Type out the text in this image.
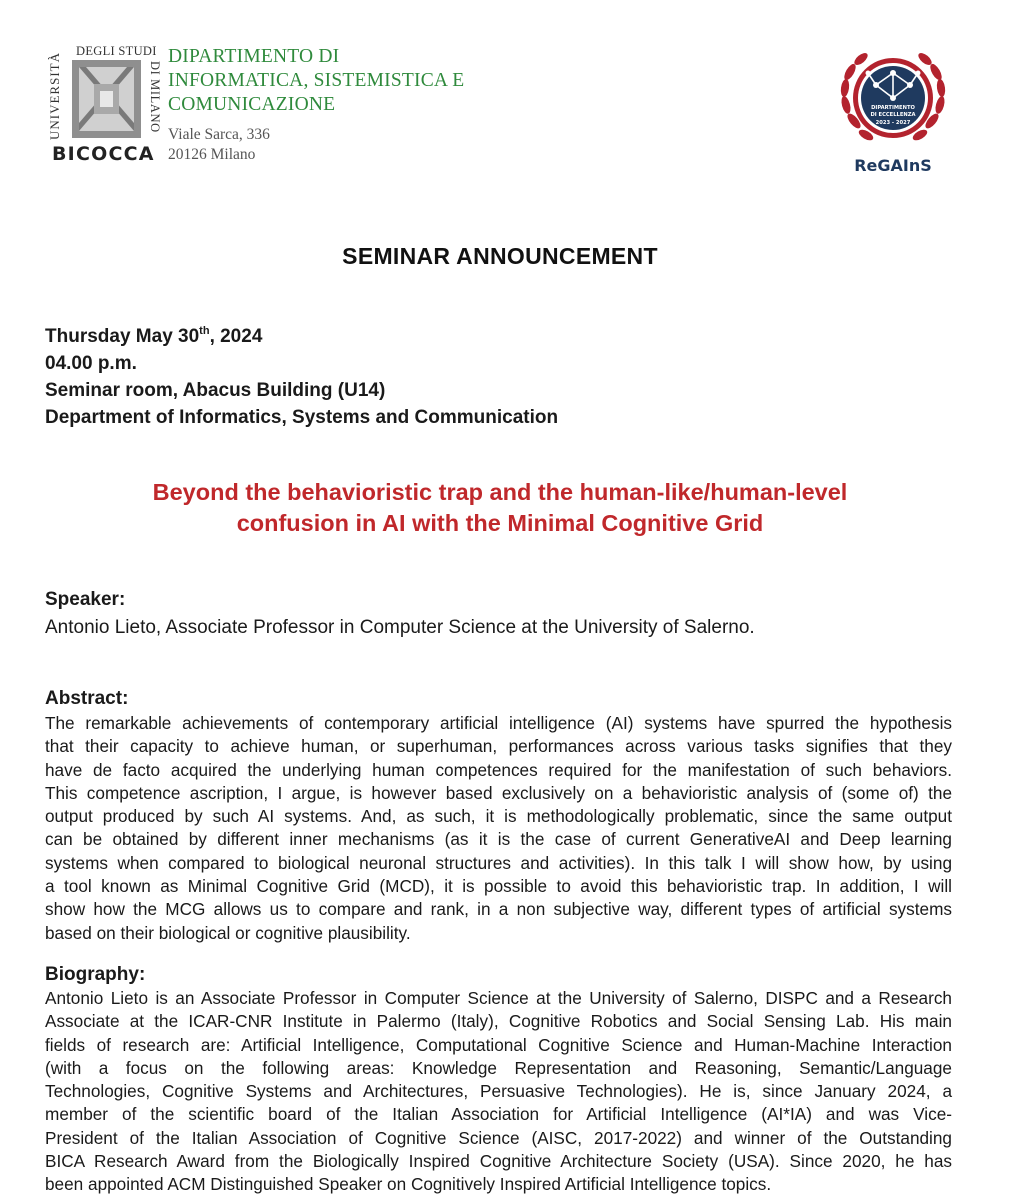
UNIVERSITÀ
DEGLI STUDI
DI MILANO
BICOCCA
DIPARTIMENTO DI
INFORMATICA, SISTEMISTICA E
COMUNICAZIONE
Viale Sarca, 336
20126 Milano
DIPARTIMENTO
DI ECCELLENZA
2023 - 2027
ReGAInS
SEMINAR ANNOUNCEMENT
Thursday May 30th, 2024
04.00 p.m.
Seminar room, Abacus Building (U14)
Department of Informatics, Systems and Communication
Beyond the behavioristic trap and the human-like/human-level
confusion in AI with the Minimal Cognitive Grid
Speaker:
Antonio Lieto, Associate Professor in Computer Science at the University of Salerno.
Abstract:
The remarkable achievements of contemporary artificial intelligence (AI) systems have spurred the hypothesis
that their capacity to achieve human, or superhuman, performances across various tasks signifies that they
have de facto acquired the underlying human competences required for the manifestation of such behaviors.
This competence ascription, I argue, is however based exclusively on a behavioristic analysis of (some of) the
output produced by such AI systems. And, as such, it is methodologically problematic, since the same output
can be obtained by different inner mechanisms (as it is the case of current GenerativeAI and Deep learning
systems when compared to biological neuronal structures and activities). In this talk I will show how, by using
a tool known as Minimal Cognitive Grid (MCD), it is possible to avoid this behavioristic trap. In addition, I will
show how the MCG allows us to compare and rank, in a non subjective way, different types of artificial systems
based on their biological or cognitive plausibility.
Biography:
Antonio Lieto is an Associate Professor in Computer Science at the University of Salerno, DISPC and a Research
Associate at the ICAR-CNR Institute in Palermo (Italy), Cognitive Robotics and Social Sensing Lab. His main
fields of research are: Artificial Intelligence, Computational Cognitive Science and Human-Machine Interaction
(with a focus on the following areas: Knowledge Representation and Reasoning, Semantic/Language
Technologies, Cognitive Systems and Architectures, Persuasive Technologies). He is, since January 2024, a
member of the scientific board of the Italian Association for Artificial Intelligence (AI*IA) and was Vice-
President of the Italian Association of Cognitive Science (AISC, 2017-2022) and winner of the Outstanding
BICA Research Award from the Biologically Inspired Cognitive Architecture Society (USA). Since 2020, he has
been appointed ACM Distinguished Speaker on Cognitively Inspired Artificial Intelligence topics.
